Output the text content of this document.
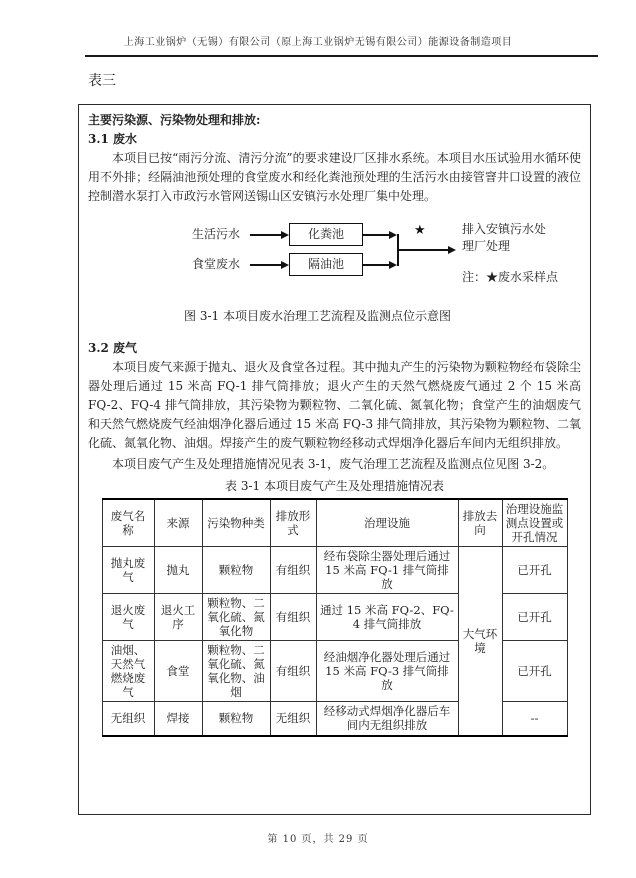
上海工业锅炉（无锡）有限公司（原上海工业锅炉无锡有限公司）能源设备制造项目
表三
主要污染源、污染物处理和排放:
3.1 废水

本项目已按“雨污分流、清污分流”的要求建设厂区排水系统。本项目水压试验用水循环使用不外排；经隔油池预处理的食堂废水和经化粪池预处理的生活污水由接管窨井口设置的液位控制潜水泵打入市政污水管网送锡山区安镇污水处理厂集中处理。

生活污水	化粪池
食堂废水	隔油池
★	排入安镇污水处理厂处理
注：★废水采样点
图 3-1 本项目废水治理工艺流程及监测点位示意图
3.2 废气

本项目废气来源于抛丸、退火及食堂各过程。其中抛丸产生的污染物为颗粒物经布袋除尘器处理后通过 15 米高 FQ-1 排气筒排放；退火产生的天然气燃烧废气通过 2 个 15 米高 FQ-2、FQ-4 排气筒排放，其污染物为颗粒物、二氧化硫、氮氧化物；食堂产生的油烟废气和天然气燃烧废气经油烟净化器后通过 15 米高 FQ-3 排气筒排放，其污染物为颗粒物、二氧化硫、氮氧化物、油烟。焊接产生的废气颗粒物经移动式焊烟净化器后车间内无组织排放。

本项目废气产生及处理措施情况见表 3-1，废气治理工艺流程及监测点位见图 3-2。

表 3-1 本项目废气产生及处理措施情况表
废气名称	来源	污染物种类	排放形式	治理设施	排放去向	治理设施监测点设置或开孔情况
抛丸废气	抛丸	颗粒物	有组织	经布袋除尘器处理后通过 15 米高 FQ-1 排气筒排放	大气环境	已开孔
退火废气	退火工序	颗粒物、二氧化硫、氮氧化物	有组织	通过 15 米高 FQ-2、FQ-4 排气筒排放		已开孔
油烟、天然气燃烧废气	食堂	颗粒物、二氧化硫、氮氧化物、油烟	有组织	经油烟净化器处理后通过 15 米高 FQ-3 排气筒排放		已开孔
无组织	焊接	颗粒物	无组织	经移动式焊烟净化器后车间内无组织排放		--
第 10 页，共 29 页
